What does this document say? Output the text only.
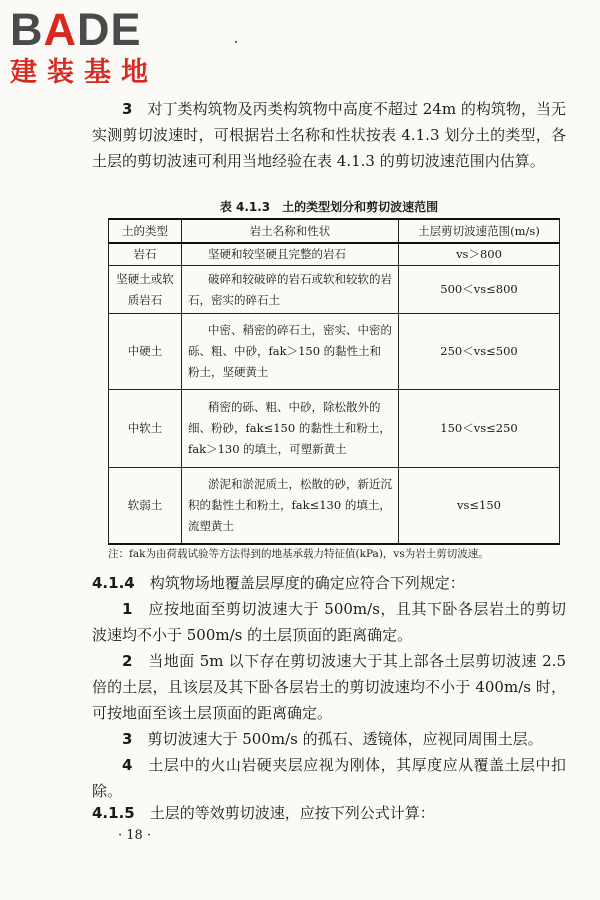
BADE
建装基地

3　 对丁类构筑物及丙类构筑物中高度不超过 24m 的构筑物，当无实测剪切波速时，可根据岩土名称和性状按表 4.1.3 划分土的类型，各土层的剪切波速可利用当地经验在表 4.1.3 的剪切波速范围内估算。

表 4.1.3　土的类型划分和剪切波速范围
土的类型	岩土名称和性状	土层剪切波速范围(m/s)
岩石	坚硬和较坚硬且完整的岩石	vs＞800
坚硬土或软质岩石	破碎和较破碎的岩石或软和较软的岩石，密实的碎石土	500＜vs≤800
中硬土	中密、稍密的碎石土，密实、中密的砾、粗、中砂，fak＞150 的黏性土和粉土，坚硬黄土	250＜vs≤500
中软土	稍密的砾、粗、中砂，除松散外的细、粉砂，fak≤150 的黏性土和粉土，fak＞130 的填土，可塑新黄土	150＜vs≤250
软弱土	淤泥和淤泥质土，松散的砂，新近沉积的黏性土和粉土，fak≤130 的填土，流塑黄土	vs≤150
注：fak为由荷载试验等方法得到的地基承载力特征值(kPa)，vs为岩土剪切波速。

4.1.4　 构筑物场地覆盖层厚度的确定应符合下列规定：

1　 应按地面至剪切波速大于 500m/s，且其下卧各层岩土的剪切波速均不小于 500m/s 的土层顶面的距离确定。

2　 当地面 5m 以下存在剪切波速大于其上部各土层剪切波速 2.5 倍的土层，且该层及其下卧各层岩土的剪切波速均不小于 400m/s 时，可按地面至该土层顶面的距离确定。

3　 剪切波速大于 500m/s 的孤石、透镜体，应视同周围土层。

4　 土层中的火山岩硬夹层应视为刚体，其厚度应从覆盖土层中扣除。

4.1.5　 土层的等效剪切波速，应按下列公式计算：

· 18 ·
